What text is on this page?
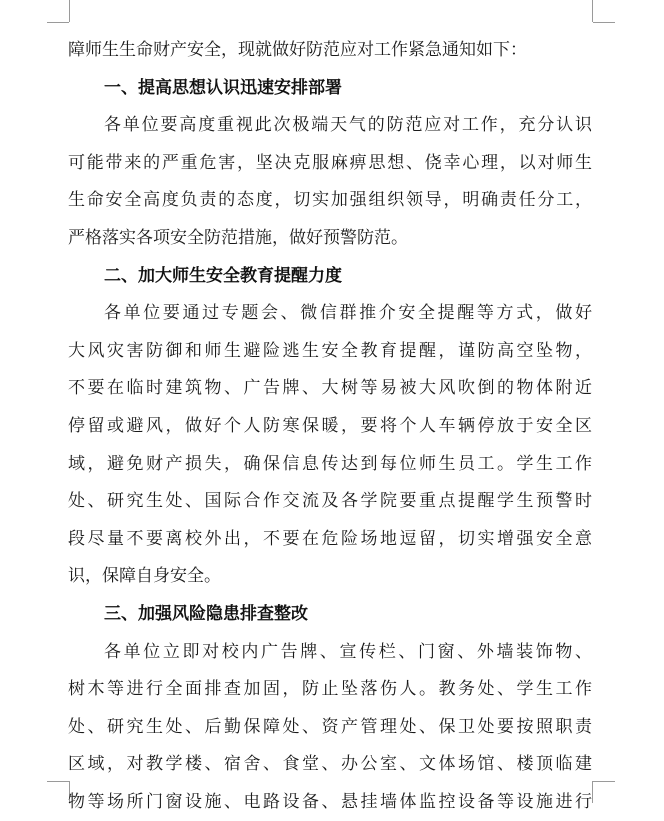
障师生生命财产安全，现就做好防范应对工作紧急通知如下：
一、提高思想认识迅速安排部署
各单位要高度重视此次极端天气的防范应对工作，充分认识
可能带来的严重危害，坚决克服麻痹思想、侥幸心理，以对师生
生命安全高度负责的态度，切实加强组织领导，明确责任分工，
严格落实各项安全防范措施，做好预警防范。
二、加大师生安全教育提醒力度
各单位要通过专题会、微信群推介安全提醒等方式，做好
大风灾害防御和师生避险逃生安全教育提醒，谨防高空坠物，
不要在临时建筑物、广告牌、大树等易被大风吹倒的物体附近
停留或避风，做好个人防寒保暖，要将个人车辆停放于安全区
域，避免财产损失，确保信息传达到每位师生员工。学生工作
处、研究生处、国际合作交流及各学院要重点提醒学生预警时
段尽量不要离校外出，不要在危险场地逗留，切实增强安全意
识，保障自身安全。
三、加强风险隐患排查整改
各单位立即对校内广告牌、宣传栏、门窗、外墙装饰物、
树木等进行全面排查加固，防止坠落伤人。教务处、学生工作
处、研究生处、后勤保障处、资产管理处、保卫处要按照职责
区域，对教学楼、宿舍、食堂、办公室、文体场馆、楼顶临建
物等场所门窗设施、电路设备、悬挂墙体监控设备等设施进行
